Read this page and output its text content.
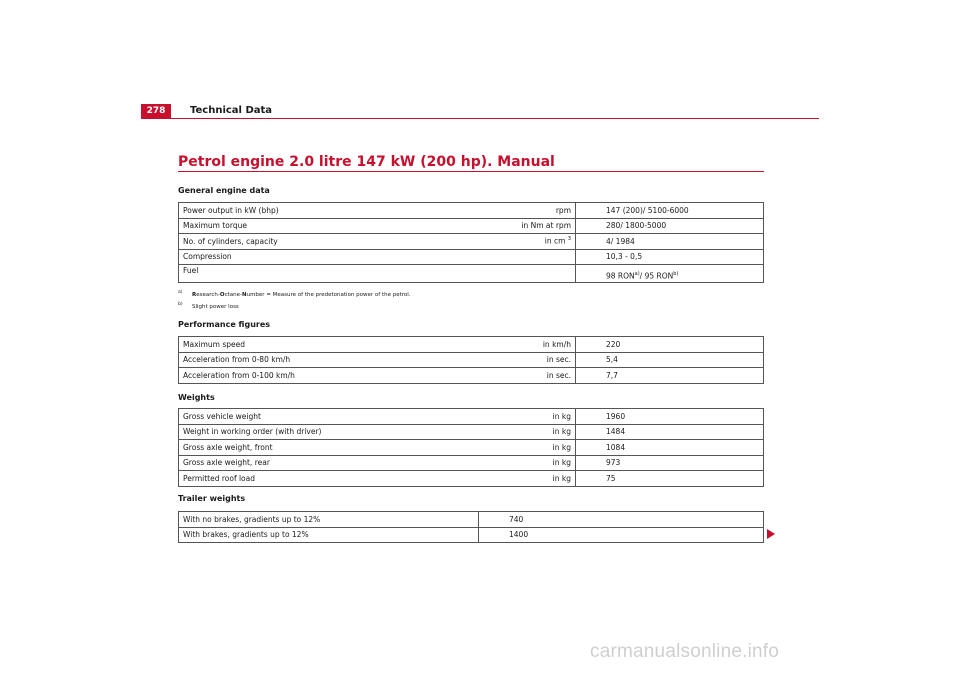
278	Technical Data
Petrol engine 2.0 litre 147 kW (200 hp). Manual
General engine data
Power output in kW (bhp)	rpm	147 (200)/ 5100-6000
Maximum torque	in Nm at rpm	280/ 1800-5000
No. of cylinders, capacity	in cm $^3$	4/ 1984
Compression		10,3 - 0,5
Fuel		98 RON$^{a)}$/ 95 RON$^{b)}$
a) Research-Octane-Number = Measure of the predetonation power of the petrol.
b) Slight power loss
Performance figures
Maximum speed	in km/h	220
Acceleration from 0-80 km/h	in sec.	5,4
Acceleration from 0-100 km/h	in sec.	7,7
Weights
Gross vehicle weight	in kg	1960
Weight in working order (with driver)	in kg	1484
Gross axle weight, front	in kg	1084
Gross axle weight, rear	in kg	973
Permitted roof load	in kg	75
Trailer weights
With no brakes, gradients up to 12%	740
With brakes, gradients up to 12%	1400
carmanualsonline.info
